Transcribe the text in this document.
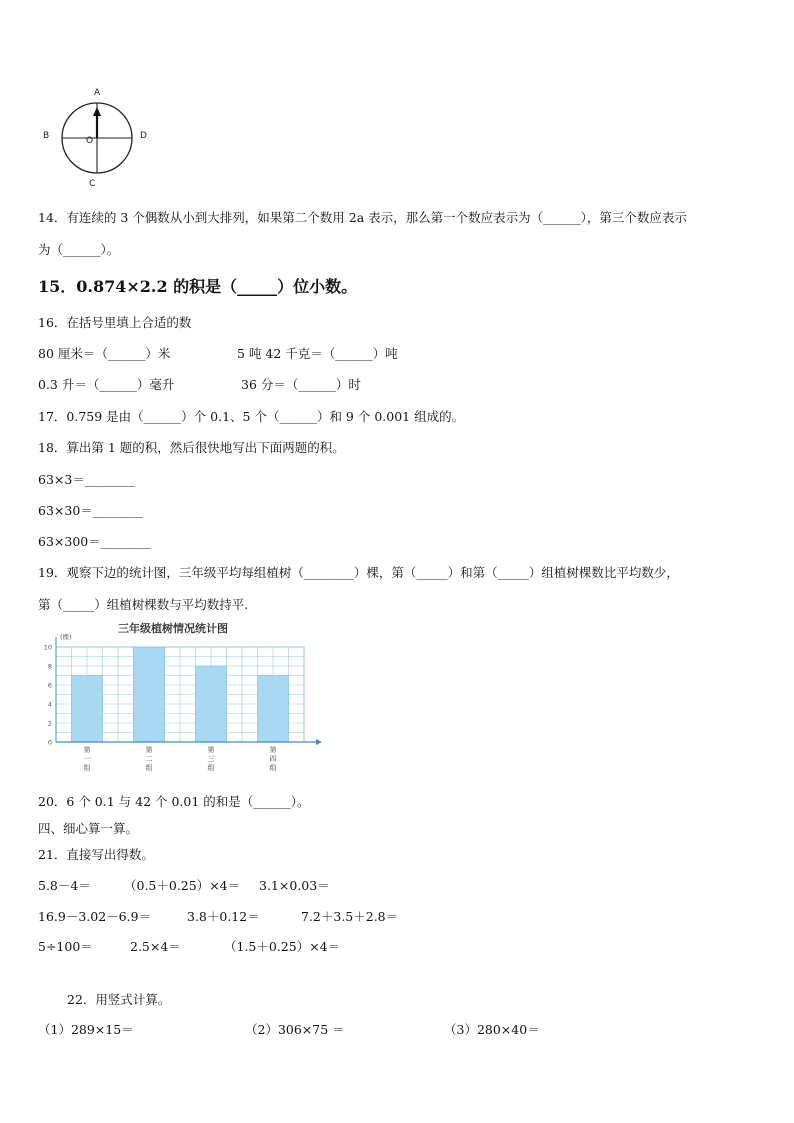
A
B
C
D
O
14．有连续的 3 个偶数从小到大排列，如果第二个数用 2a 表示，那么第一个数应表示为（______），第三个数应表示
为（______）。
15．0.874×2.2 的积是（_____）位小数。
16．在括号里填上合适的数
80 厘米＝（______）米	5 吨 42 千克＝（______）吨
0.3 升＝（______）毫升	36 分＝（______）时
17．0.759 是由（______）个 0.1、5 个（______）和 9 个 0.001 组成的。
18．算出第 1 题的积，然后很快地写出下面两题的积。
63×3＝________
63×30＝________
63×300＝________
19．观察下边的统计图，三年级平均每组植树（________）棵，第（_____）和第（_____）组植树棵数比平均数少，
第（_____）组植树棵数与平均数持平.
三年级植树情况统计图
0
2
4
6
8
10
(棵)
第一组
第二组
第三组
第四组
20．6 个 0.1 与 42 个 0.01 的和是（______）。
四、细心算一算。
21．直接写出得数。
5.8－4＝	（0.5＋0.25）×4＝ 3.1×0.03＝
16.9－3.02－6.9＝	3.8＋0.12＝	7.2＋3.5＋2.8＝
5÷100＝	2.5×4＝	（1.5＋0.25）×4＝
22．用竖式计算。
（1）289×15＝	（2）306×75 ＝	（3）280×40＝
